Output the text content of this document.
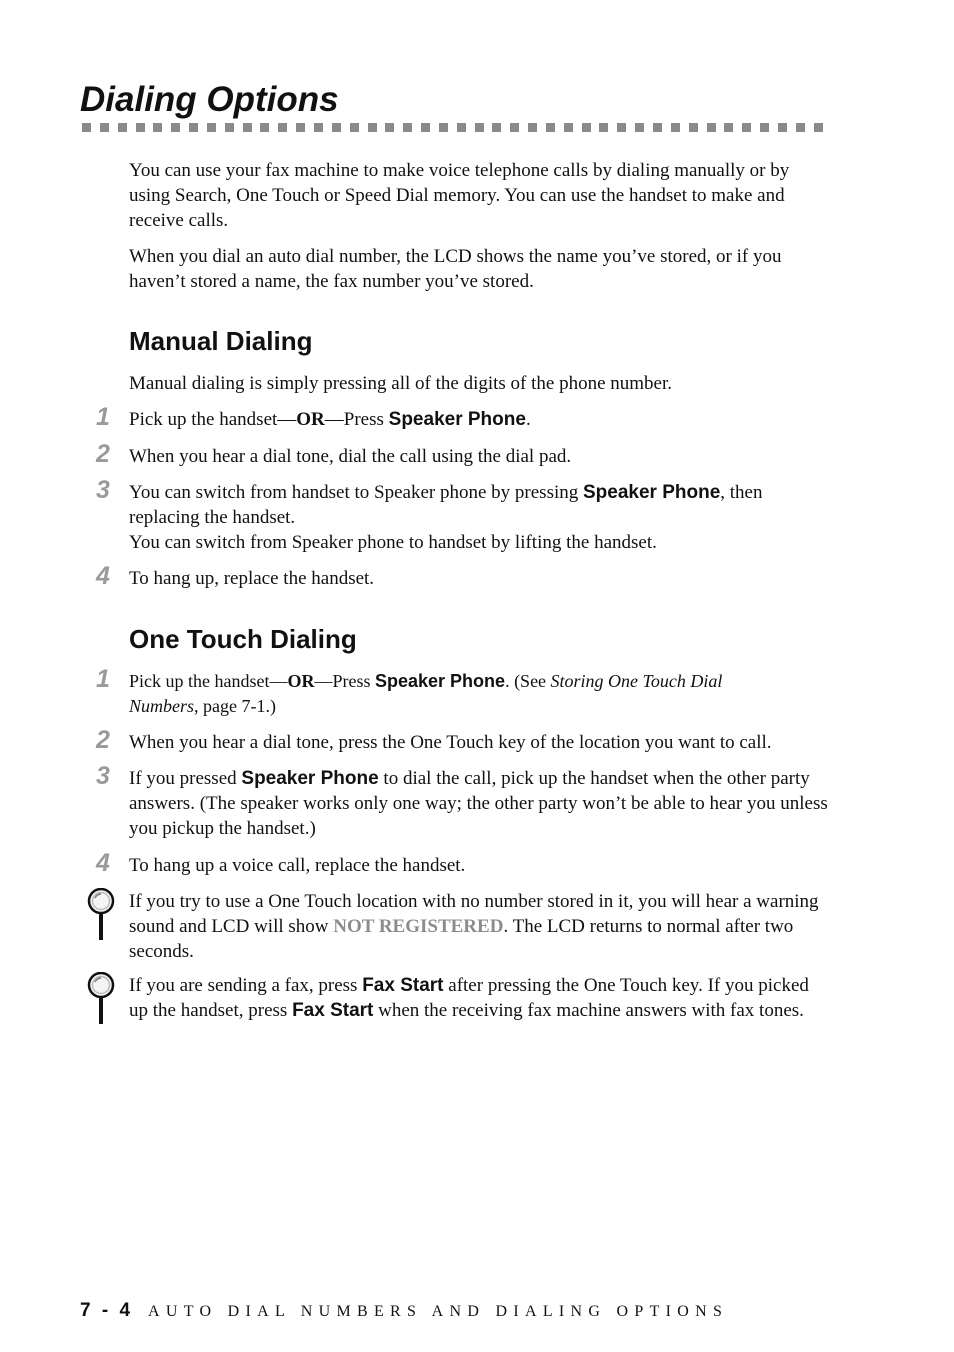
Dialing Options

You can use your fax machine to make voice telephone calls by dialing manually or by using Search, One Touch or Speed Dial memory. You can use the handset to make and receive calls.

When you dial an auto dial number, the LCD shows the name you’ve stored, or if you haven’t stored a name, the fax number you’ve stored.

Manual Dialing

Manual dialing is simply pressing all of the digits of the phone number.

1	Pick up the handset—OR—Press Speaker Phone.

2	When you hear a dial tone, dial the call using the dial pad.

3	You can switch from handset to Speaker phone by pressing Speaker Phone, then replacing the handset.
You can switch from Speaker phone to handset by lifting the handset.

4	To hang up, replace the handset.

One Touch Dialing
1	Pick up the handset—OR—Press Speaker Phone. (See Storing One Touch Dial Numbers, page 7-1.)

2	When you hear a dial tone, press the One Touch key of the location you want to call.

3	If you pressed Speaker Phone to dial the call, pick up the handset when the other party answers. (The speaker works only one way; the other party won’t be able to hear you unless you pickup the handset.)

4	To hang up a voice call, replace the handset.

If you try to use a One Touch location with no number stored in it, you will hear a warning sound and LCD will show NOT REGISTERED. The LCD returns to normal after two seconds.

If you are sending a fax, press Fax Start after pressing the One Touch key. If you picked up the handset, press Fax Start when the receiving fax machine answers with fax tones.

7 - 4 AUTO DIAL NUMBERS AND DIALING OPTIONS
